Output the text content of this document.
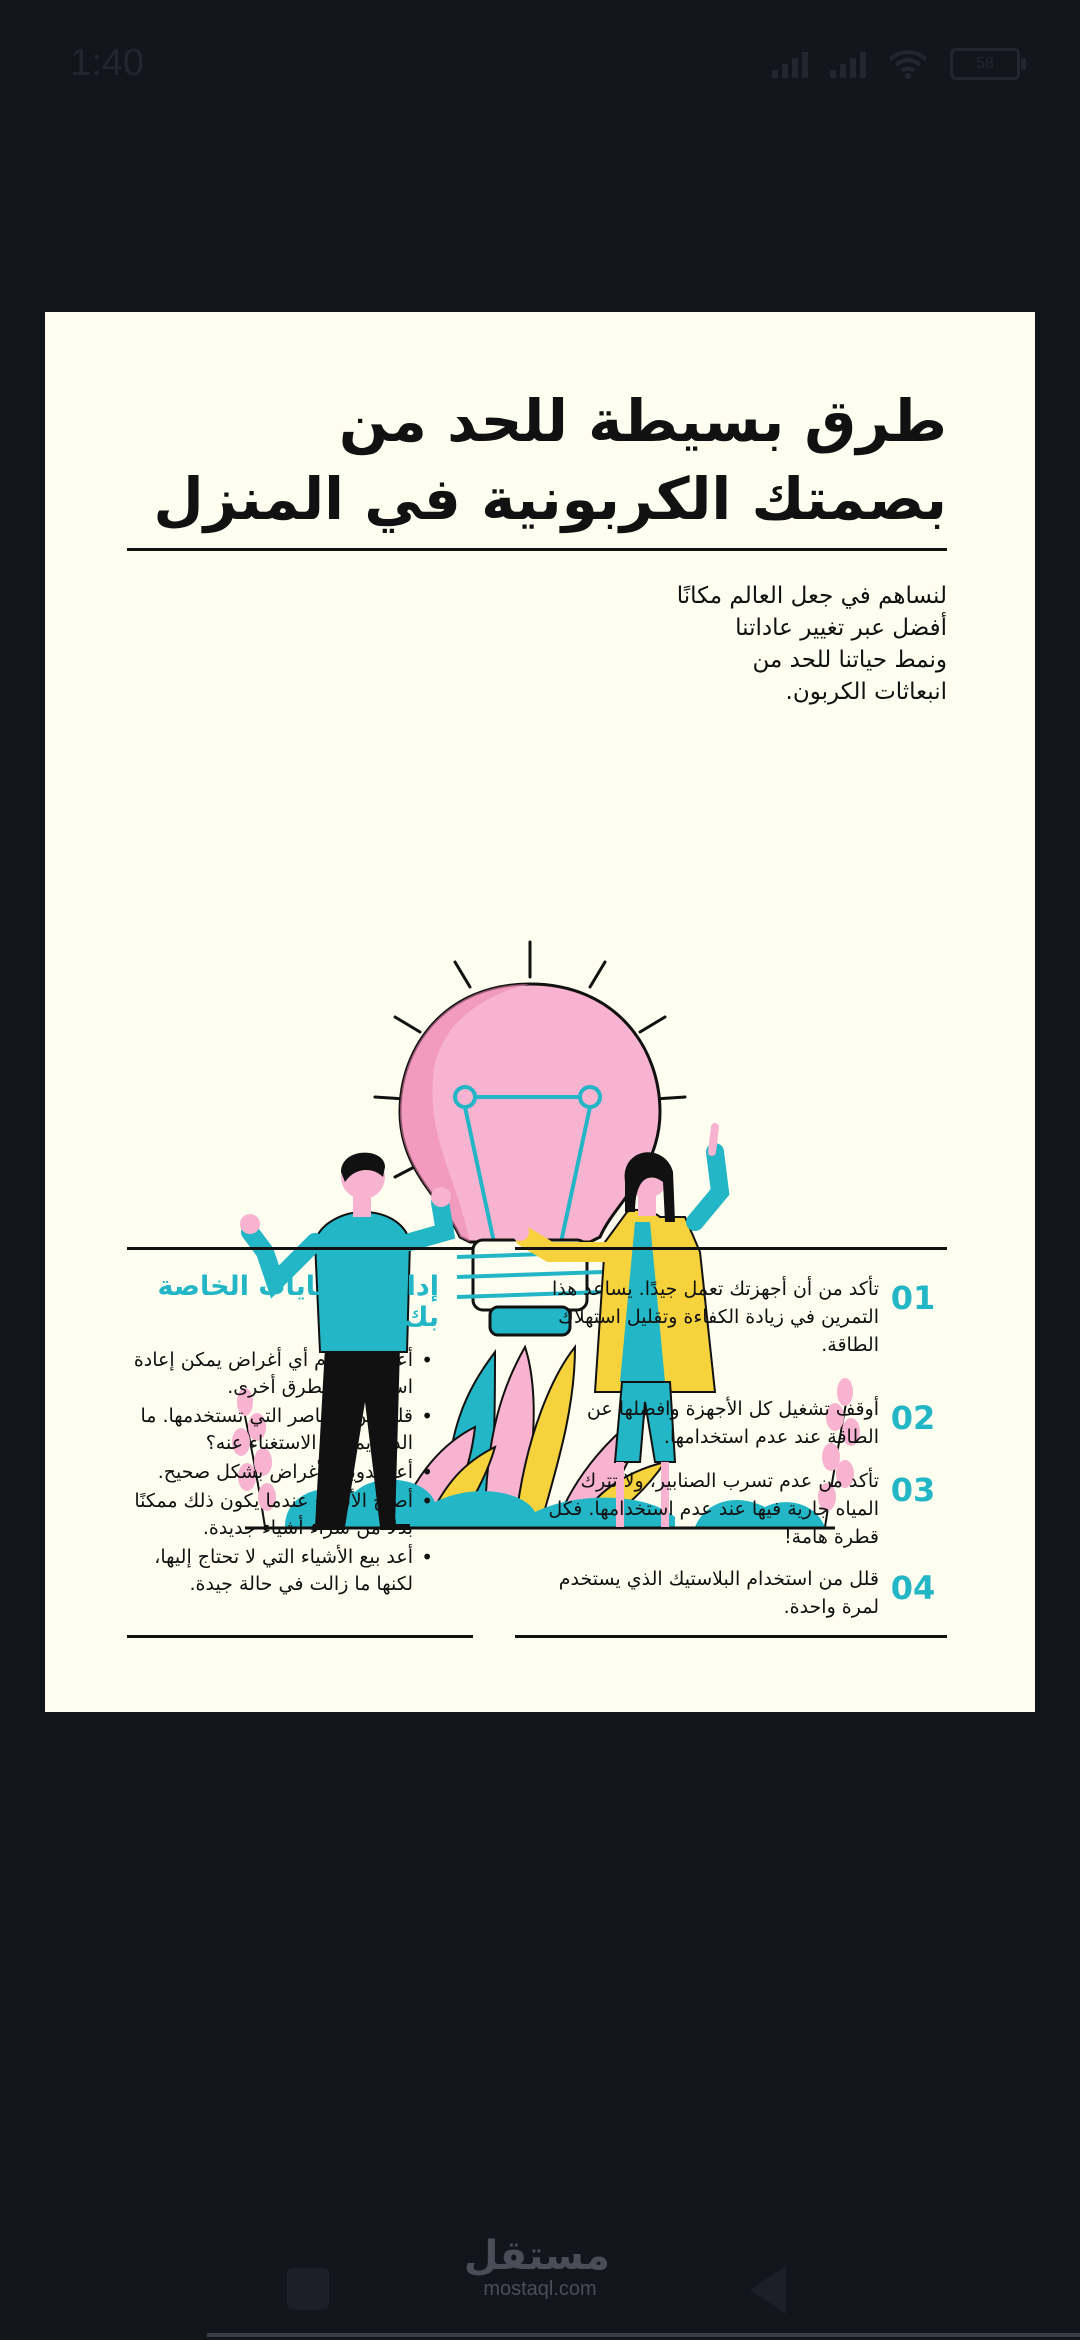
1:40	58
طرق بسيطة للحد من
بصمتك الكربونية في المنزل
لنساهم في جعل العالم مكانًا
أفضل عبر تغيير عاداتنا
ونمط حياتنا للحد من
انبعاثات الكربون.
01
تأكد من أن أجهزتك تعمل جيدًا. يساعد هذا التمرين في زيادة الكفاءة وتقليل استهلاك الطاقة.
02
أوقف تشغيل كل الأجهزة وافصلها عن الطاقة عند عدم استخدامها.
03
تأكد من عدم تسرب الصنابير، ولا تترك المياه جارية فيها عند عدم استخدامها. فكل قطرة هامة!
04
قلل من استخدام البلاستيك الذي يستخدم لمرة واحدة.
إدارة النفايات الخاصة بك!
• أعد استخدام أي أغراض يمكن إعادة استخدامها بطرق أخرى.
• قلل من العناصر التي تستخدمها. ما الذي يمكنك الاستغناء عنه؟
• أعد تدوير الأغراض بشكل صحيح.
• أصلح الأشياء عندما يكون ذلك ممكنًا بدلاً من شراء أشياء جديدة.
• أعد بيع الأشياء التي لا تحتاج إليها، لكنها ما زالت في حالة جيدة.
مستقل
mostaql.com
